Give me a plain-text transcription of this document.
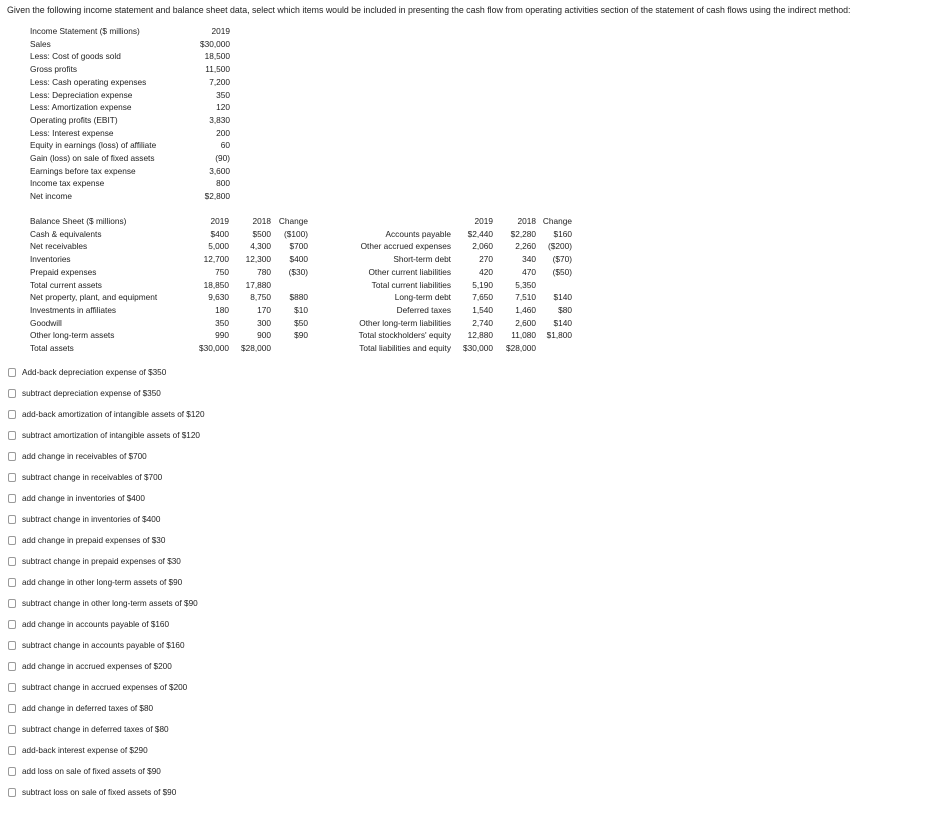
Given the following income statement and balance sheet data, select which items would be included in presenting the cash flow from operating activities section of the statement of cash flows using the indirect method:
Income Statement ($ millions)	2019
Sales	$30,000
Less: Cost of goods sold	18,500
Gross profits	11,500
Less: Cash operating expenses	7,200
Less: Depreciation expense	350
Less: Amortization expense	120
Operating profits (EBIT)	3,830
Less: Interest expense	200
Equity in earnings (loss) of affiliate	60
Gain (loss) on sale of fixed assets	(90)
Earnings before tax expense	3,600
Income tax expense	800
Net income	$2,800
Balance Sheet ($ millions)	2019	2018 Change
Cash & equivalents	$400	$500 ($100)
Net receivables	5,000	4,300 $700
Inventories	12,700 12,300 $400
Prepaid expenses	750	780 ($30)
Total current assets	18,850 17,880
Net property, plant, and equipment	9,630	8,750 $880
Investments in affiliates	180	170	$10
Goodwill	350	300	$50
Other long-term assets	990	900	$90
Total assets	$30,000 $28,000
2019	2018 Change
Accounts payable $2,440 $2,280 $160
Other accrued expenses	2,060	2,260 ($200)
Short-term debt	270	340 ($70)
Other current liabilities	420	470 ($50)
Total current liabilities	5,190	5,350
Long-term debt	7,650	7,510 $140
Deferred taxes	1,540	1,460	$80
Other long-term liabilities	2,740	2,600 $140
Total stockholders' equity 12,880 11,080 $1,800
Total liabilities and equity $30,000 $28,000
Add-back depreciation expense of $350
subtract depreciation expense of $350
add-back amortization of intangible assets of $120
subtract amortization of intangible assets of $120
add change in receivables of $700
subtract change in receivables of $700
add change in inventories of $400
subtract change in inventories of $400
add change in prepaid expenses of $30
subtract change in prepaid expenses of $30
add change in other long-term assets of $90
subtract change in other long-term assets of $90
add change in accounts payable of $160
subtract change in accounts payable of $160
add change in accrued expenses of $200
subtract change in accrued expenses of $200
add change in deferred taxes of $80
subtract change in deferred taxes of $80
add-back interest expense of $290
add loss on sale of fixed assets of $90
subtract loss on sale of fixed assets of $90
